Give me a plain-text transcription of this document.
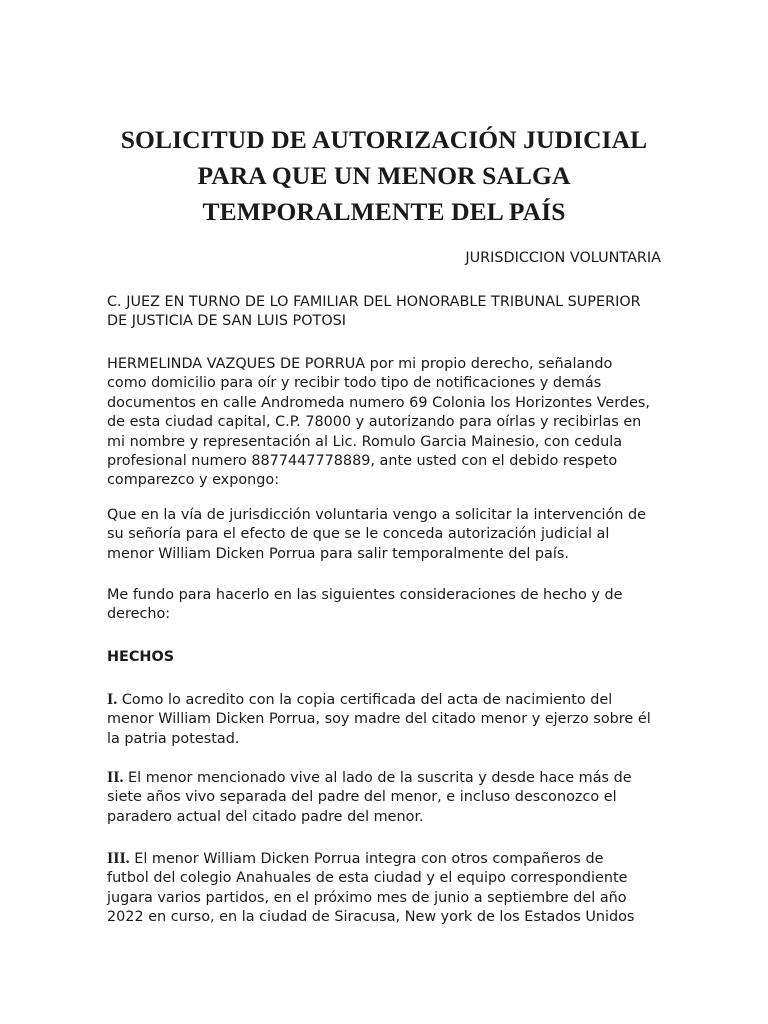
SOLICITUD DE AUTORIZACIÓN JUDICIAL
PARA QUE UN MENOR SALGA
TEMPORALMENTE DEL PAÍS

JURISDICCION VOLUNTARIA

C. JUEZ EN TURNO DE LO FAMILIAR DEL HONORABLE TRIBUNAL SUPERIOR
DE JUSTICIA DE SAN LUIS POTOSI

HERMELINDA VAZQUES DE PORRUA por mi propio derecho, señalando
como domicilio para oír y recibir todo tipo de notificaciones y demás
documentos en calle Andromeda numero 69 Colonia los Horizontes Verdes,
de esta ciudad capital, C.P. 78000 y autorizando para oírlas y recibirlas en
mi nombre y representación al Lic. Romulo Garcia Mainesio, con cedula
profesional numero 8877447778889, ante usted con el debido respeto
comparezco y expongo:

Que en la vía de jurisdicción voluntaria vengo a solicitar la intervención de
su señoría para el efecto de que se le conceda autorización judicial al
menor William Dicken Porrua para salir temporalmente del país.

Me fundo para hacerlo en las siguientes consideraciones de hecho y de
derecho:

HECHOS

I. Como lo acredito con la copia certificada del acta de nacimiento del
menor William Dicken Porrua, soy madre del citado menor y ejerzo sobre él
la patria potestad.

II. El menor mencionado vive al lado de la suscrita y desde hace más de
siete años vivo separada del padre del menor, e incluso desconozco el
paradero actual del citado padre del menor.

III. El menor William Dicken Porrua integra con otros compañeros de
futbol del colegio Anahuales de esta ciudad y el equipo correspondiente
jugara varios partidos, en el próximo mes de junio a septiembre del año
2022 en curso, en la ciudad de Siracusa, New york de los Estados Unidos
